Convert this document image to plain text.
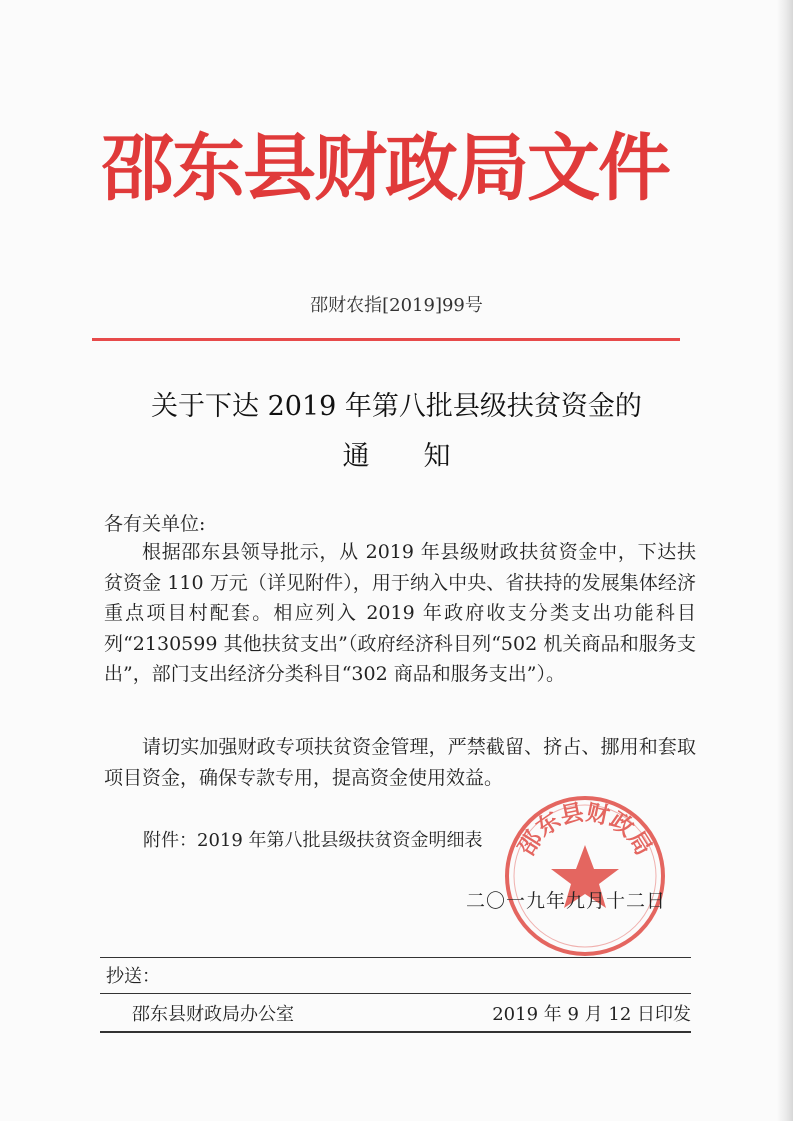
邵东县财政局文件
邵财农指[2019]99号
关于下达 2019 年第八批县级扶贫资金的
通　　知
各有关单位:

根据邵东县领导批示，从 2019 年县级财政扶贫资金中，下达扶贫资金 110 万元（详见附件），用于纳入中央、省扶持的发展集体经济重点项目村配套。相应列入 2019 年政府收支分类支出功能科目列“2130599 其他扶贫支出”（政府经济科目列“502 机关商品和服务支出”，部门支出经济分类科目“302 商品和服务支出”）。

请切实加强财政专项扶贫资金管理，严禁截留、挤占、挪用和套取项目资金，确保专款专用，提高资金使用效益。

附件：2019 年第八批县级扶贫资金明细表 邵东县财政局
二〇一九年九月十二日
抄送：
邵东县财政局办公室	2019 年 9 月 12 日印发
